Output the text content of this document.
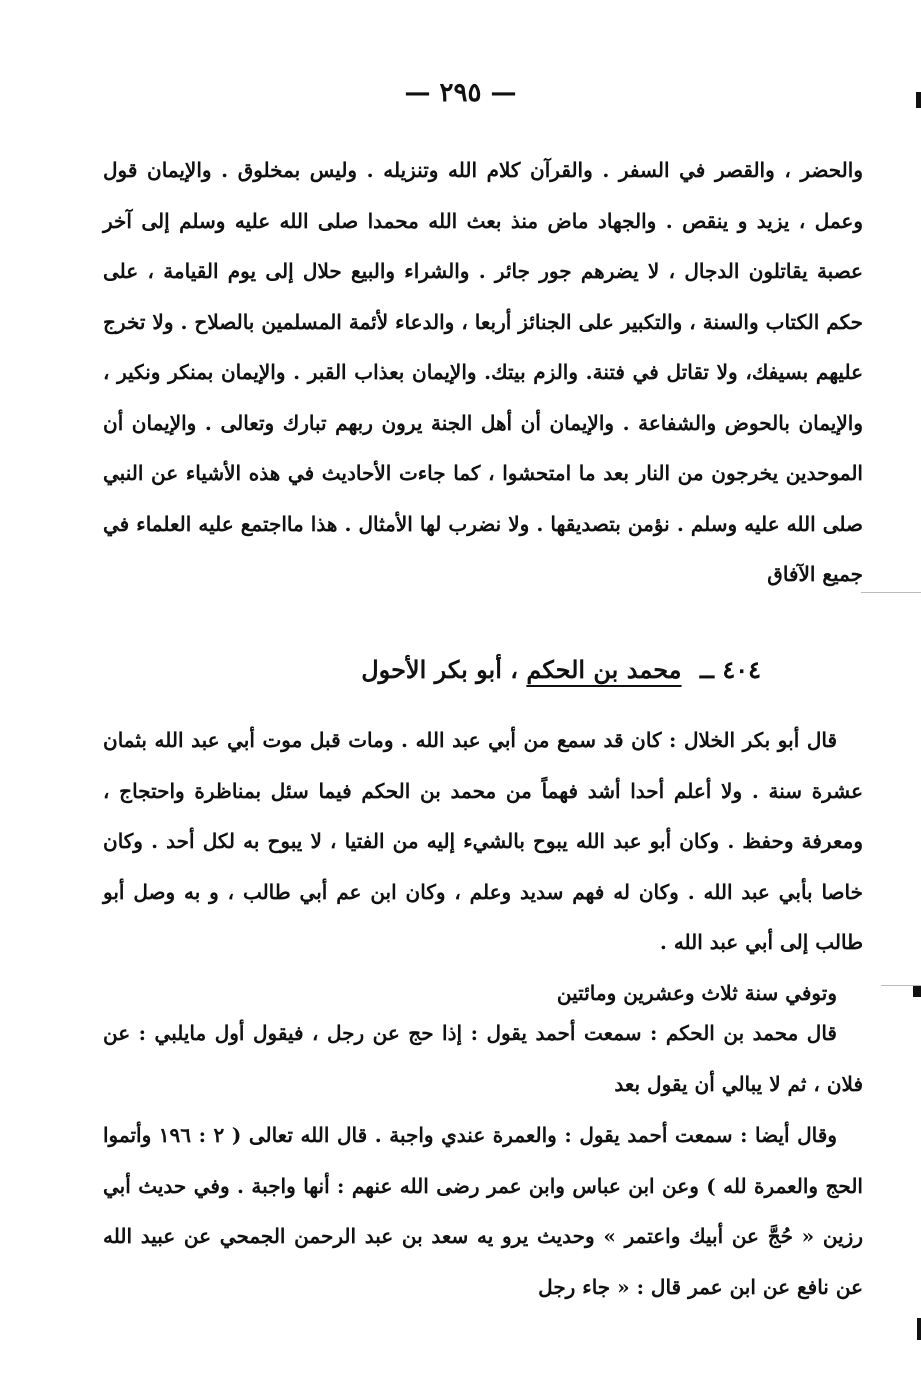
— ٢٩٥ —

والحضر ، والقصر في السفر . والقرآن كلام الله وتنزيله . وليس بمخلوق . والإيمان قول وعمل ، يزيد و ينقص . والجهاد ماض منذ بعث الله محمدا صلى الله عليه وسلم إلى آخر عصبة يقاتلون الدجال ، لا يضرهم جور جائر . والشراء والبيع حلال إلى يوم القيامة ، على حكم الكتاب والسنة ، والتكبير على الجنائز أربعا ، والدعاء لأئمة المسلمين بالصلاح . ولا تخرج عليهم بسيفك، ولا تقاتل في فتنة. والزم بيتك. والإيمان بعذاب القبر . والإيمان بمنكر ونكير ، والإيمان بالحوض والشفاعة . والإيمان أن أهل الجنة يرون ربهم تبارك وتعالى . والإيمان أن الموحدين يخرجون من النار بعد ما امتحشوا ، كما جاءت الأحاديث في هذه الأشياء عن النبي صلى الله عليه وسلم . نؤمن بتصديقها . ولا نضرب لها الأمثال . هذا مااجتمع عليه العلماء في جميع الآفاق

٤٠٤ ــ محمد بن الحكم ، أبو بكر الأحول

قال أبو بكر الخلال : كان قد سمع من أبي عبد الله . ومات قبل موت أبي عبد الله بثمان عشرة سنة . ولا أعلم أحدا أشد فهماً من محمد بن الحكم فيما سئل بمناظرة واحتجاج ، ومعرفة وحفظ . وكان أبو عبد الله يبوح بالشيء إليه من الفتيا ، لا يبوح به لكل أحد . وكان خاصا بأبي عبد الله . وكان له فهم سديد وعلم ، وكان ابن عم أبي طالب ، و به وصل أبو طالب إلى أبي عبد الله .

وتوفي سنة ثلاث وعشرين ومائتين

قال محمد بن الحكم : سمعت أحمد يقول : إذا حج عن رجل ، فيقول أول مايلبي : عن فلان ، ثم لا يبالي أن يقول بعد

وقال أيضا : سمعت أحمد يقول : والعمرة عندي واجبة . قال الله تعالى ( ٢ : ١٩٦ وأتموا الحج والعمرة لله ) وعن ابن عباس وابن عمر رضى الله عنهم : أنها واجبة . وفي حديث أبي رزين « حُجَّ عن أبيك واعتمر » وحديث يرو يه سعد بن عبد الرحمن الجمحي عن عبيد الله عن نافع عن ابن عمر قال : « جاء رجل
